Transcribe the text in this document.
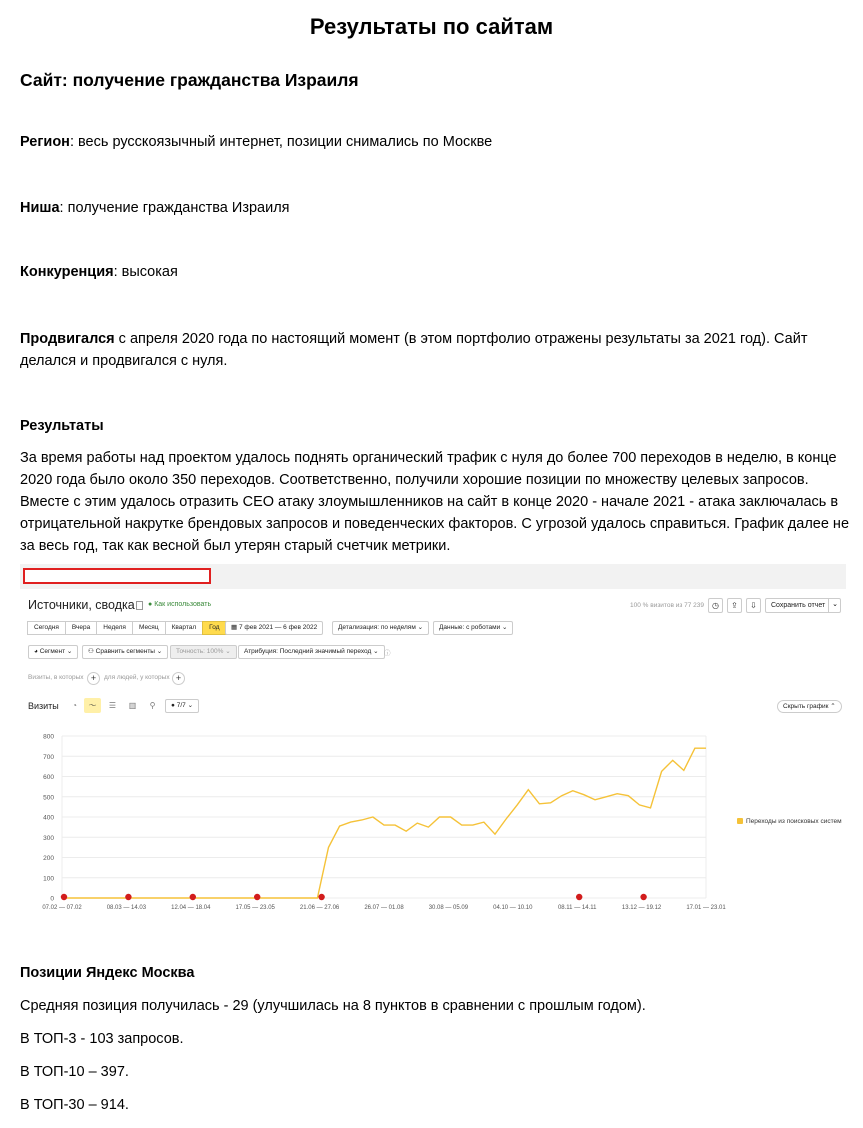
Результаты по сайтам
Сайт: получение гражданства Израиля
Регион: весь русскоязычный интернет, позиции снимались по Москве
Ниша: получение гражданства Израиля
Конкуренция: высокая
Продвигался с апреля 2020 года по настоящий момент (в этом портфолио отражены результаты за 2021 год). Сайт делался и продвигался с нуля.
Результаты
За время работы над проектом удалось поднять органический трафик с нуля до более 700 переходов в неделю, в конце 2020 года было около 350 переходов. Соответственно, получили хорошие позиции по множеству целевых запросов. Вместе с этим удалось отразить СЕО атаку злоумышленников на сайт в конце 2020 - начале 2021 - атака заключалась в отрицательной накрутке брендовых запросов и поведенческих факторов. С угрозой удалось справиться. График далее не за весь год, так как весной был утерян старый счетчик метрики.
Источники, сводка ● Как использовать	100 % визитов из 77 239 ◷	⇪	⇩	Сохранить отчет ⌄
Сегодня	Вчера	Неделя	Месяц	Квартал	Год	▦ 7 фев 2021 — 6 фев 2022	Детализация: по неделям ⌄	Данные: с роботами ⌄
◕ Сегмент ⌄	⚇ Сравнить сегменты ⌄	Точность: 100% ⌄	Атрибуция: Последний значимый переход ⌄ ⓘ
Визиты, в которых +	для людей, у которых +
Визиты	◔	〜	☰	▥	⚲	● 7/7 ⌄	Скрыть график ⌃
0
100
200
300
400
500
600
700
800
07.02 — 07.02	08.03 — 14.03	12.04 — 18.04	17.05 — 23.05	21.06 — 27.06	26.07 — 01.08	30.08 — 05.09	04.10 — 10.10	08.11 — 14.11	13.12 — 19.12	17.01 — 23.01
Переходы из поисковых систем
Позиции Яндекс Москва
Средняя позиция получилась - 29 (улучшилась на 8 пунктов в сравнении с прошлым годом).
В ТОП-3 - 103 запросов.
В ТОП-10 – 397.
В ТОП-30 – 914.
